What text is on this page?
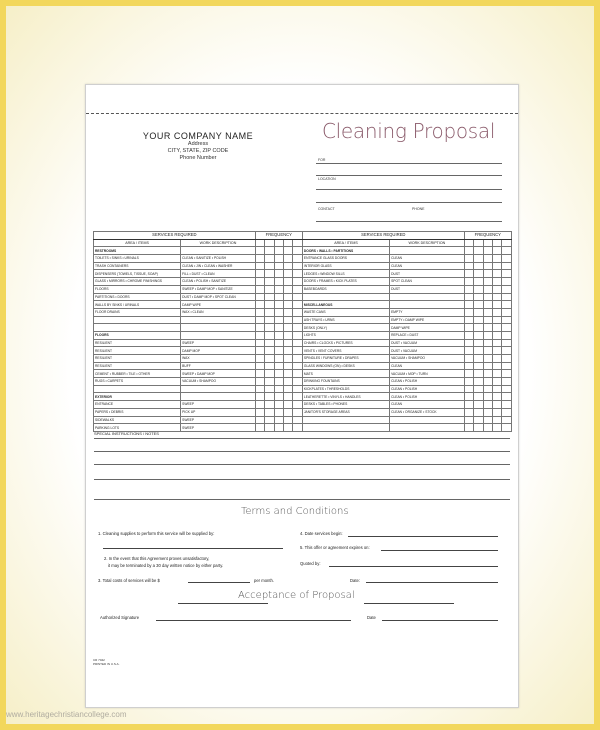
YOUR COMPANY NAME
Address
CITY, STATE, ZIP CODE
Phone Number
Cleaning Proposal
FOR
LOCATION
CONTACT	PHONE
SERVICES REQUIRED		FREQUENCY					SERVICES REQUIRED		FREQUENCY				
AREA / ITEMS	WORK DESCRIPTION						AREA / ITEMS	WORK DESCRIPTION					
RESTROOMS							DOORS • WALLS • PARTITIONS						
TOILETS • SINKS • URINALS	CLEAN • SANITIZE • POLISH						ENTRANCE GLASS DOORS	CLEAN					
TRASH CONTAINERS	CLEAN • JIN • CLEAN • WASHER						INTERIOR GLASS	CLEAN					
DISPENSERS (TOWELS, TISSUE, SOAP)	FILL • DUST • CLEAN						LEDGES • WINDOW SILLS	DUST					
GLASS • MIRRORS • CHROME FINISHINGS	CLEAN • POLISH • SANITIZE						DOORS • FRAMES • KICK PLATES	SPOT CLEAN					
FLOORS	SWEEP • DAMP MOP • SANITIZE						BASEBOARDS	DUST					
PARTITIONS • DOORS	DUST • DAMP MOP • SPOT CLEAN												
WALLS BY SINKS / URINALS	DAMP WIPE						MISCELLANEOUS						
FLOOR DRAINS	WAX • CLEAN						WASTE CANS	EMPTY					
							ASH TRAYS • URNS	EMPTY • DAMP WIPE					
							DESKS (ONLY)	DAMP WIPE					
FLOORS							LIGHTS	REPLACE • DUST					
RESILIENT	SWEEP						CHAIRS • CLOCKS • PICTURES	DUST • VACUUM					
RESILIENT	DAMP MOP						VENTS • VENT COVERS	DUST • VACUUM					
RESILIENT	WAX						SPINDLES / FURNITURE • DRAPES	VACUUM • SHAMPOO					
RESILIENT	BUFF						GLASS WINDOWS (ON) • DESKS	CLEAN					
CEMENT • RUBBER • TILE • OTHER	SWEEP • DAMP MOP						MATS	VACUUM • MOP • TURN					
RUGS • CARPETS	VACUUM • SHAMPOO						DRINKING FOUNTAINS	CLEAN • POLISH					
							KICKPLATES • THRESHOLDS	CLEAN • POLISH					
EXTERIOR							LEATHERETTE • VINYLS • HANDLES	CLEAN • POLISH					
ENTRANCE	SWEEP						DESKS • TABLES • PHONES	CLEAN					
PAPERS • DEBRIS	PICK UP						JANITOR'S STORAGE AREAS	CLEAN • ORGANIZE • STOCK					
SIDEWALKS	SWEEP												
PARKING LOTS	SWEEP												
SPECIAL INSTRUCTIONS / NOTES
Terms and Conditions
1. Cleaning supplies to perform this service will be supplied by:
2. In the event that this Agreement proves unsatisfactory,
it may be terminated by a 30 day written notice by either party.
3. Total costs of services will be $	per month.
4. Date services begin:
5. This offer or agreement expires on:
Quoted by:
Date:
Acceptance of Proposal
Authorized Signature	Date
CR 7042
PRINTED IN U.S.A.
www.heritagechristiancollege.com
